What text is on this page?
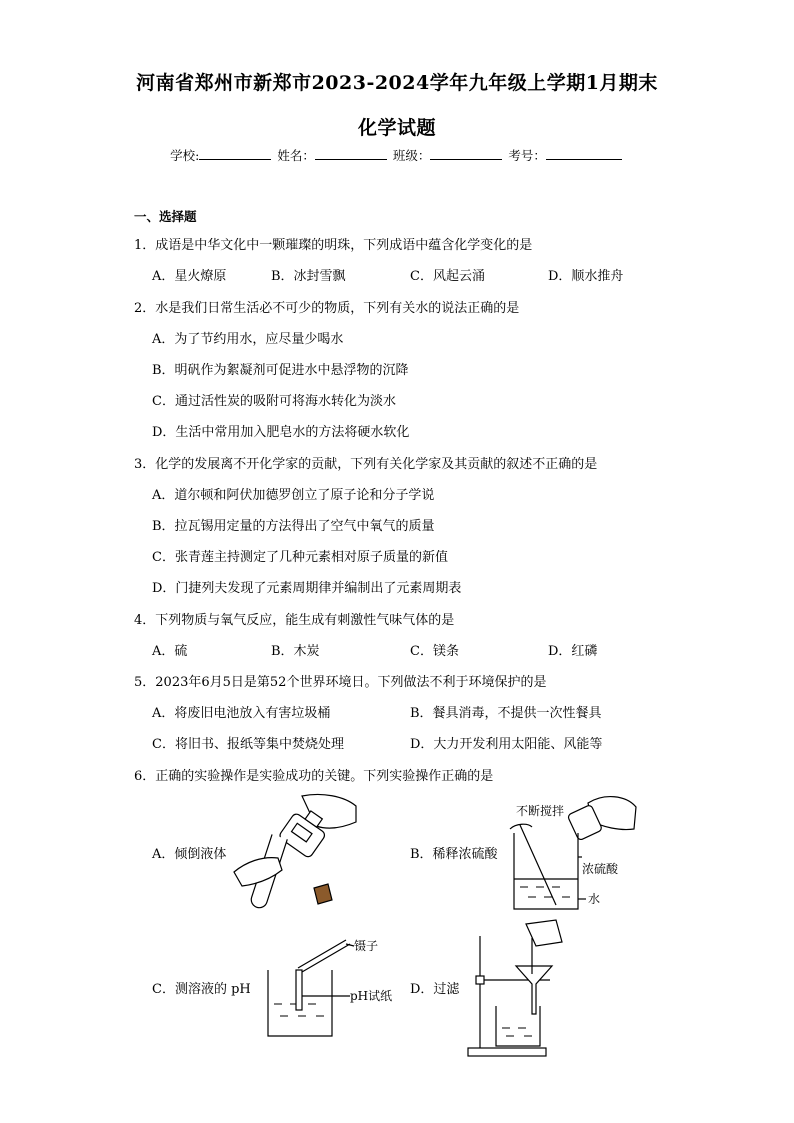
河南省郑州市新郑市2023-2024学年九年级上学期1月期末
化学试题
学校:	姓名：	班级：	考号：
一、选择题
1．成语是中华文化中一颗璀璨的明珠，下列成语中蕴含化学变化的是
A．星火燎原	B．冰封雪飘	C．风起云涌	D．顺水推舟
2．水是我们日常生活必不可少的物质，下列有关水的说法正确的是
A．为了节约用水，应尽量少喝水
B．明矾作为絮凝剂可促进水中悬浮物的沉降
C．通过活性炭的吸附可将海水转化为淡水
D．生活中常用加入肥皂水的方法将硬水软化
3．化学的发展离不开化学家的贡献，下列有关化学家及其贡献的叙述不正确的是
A．道尔顿和阿伏加德罗创立了原子论和分子学说
B．拉瓦锡用定量的方法得出了空气中氧气的质量
C．张青莲主持测定了几种元素相对原子质量的新值
D．门捷列夫发现了元素周期律并编制出了元素周期表
4．下列物质与氧气反应，能生成有刺激性气味气体的是
A．硫	B．木炭	C．镁条	D．红磷
5．2023年6月5日是第52个世界环境日。下列做法不利于环境保护的是
A．将废旧电池放入有害垃圾桶	B．餐具消毒，不提供一次性餐具
C．将旧书、报纸等集中焚烧处理	D．大力开发利用太阳能、风能等
6．正确的实验操作是实验成功的关键。下列实验操作正确的是
A．倾倒液体	B．稀释浓硫酸
C．测溶液的 pH	D．过滤
不断搅拌
浓硫酸
水
镊子
pH试纸
